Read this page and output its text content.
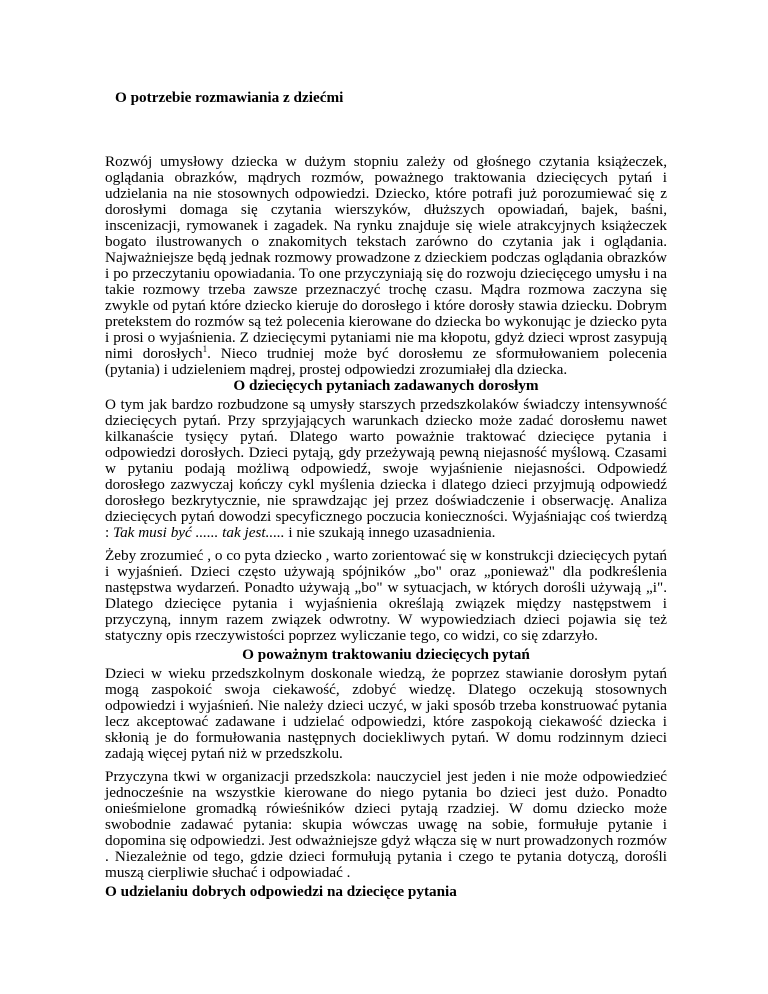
O potrzebie rozmawiania z dziećmi

Rozwój umysłowy dziecka w dużym stopniu zależy od głośnego czytania książeczek, oglądania obrazków, mądrych rozmów, poważnego traktowania dziecięcych pytań i udzielania na nie stosownych odpowiedzi. Dziecko, które potrafi już porozumiewać się z dorosłymi domaga się czytania wierszyków, dłuższych opowiadań, bajek, baśni, inscenizacji, rymowanek i zagadek. Na rynku znajduje się wiele atrakcyjnych książeczek bogato ilustrowanych o znakomitych tekstach zarówno do czytania jak i oglądania. Najważniejsze będą jednak rozmowy prowadzone z dzieckiem podczas oglądania obrazków i po przeczytaniu opowiadania. To one przyczyniają się do rozwoju dziecięcego umysłu i na takie rozmowy trzeba zawsze przeznaczyć trochę czasu. Mądra rozmowa zaczyna się zwykle od pytań które dziecko kieruje do dorosłego i które dorosły stawia dziecku. Dobrym pretekstem do rozmów są też polecenia kierowane do dziecka bo wykonując je dziecko pyta i prosi o wyjaśnienia. Z dziecięcymi pytaniami nie ma kłopotu, gdyż dzieci wprost zasypują nimi dorosłych$^1$. Nieco trudniej może być dorosłemu ze sformułowaniem polecenia (pytania) i udzieleniem mądrej, prostej odpowiedzi zrozumiałej dla dziecka.

O dziecięcych pytaniach zadawanych dorosłym

O tym jak bardzo rozbudzone są umysły starszych przedszkolaków świadczy intensywność dziecięcych pytań. Przy sprzyjających warunkach dziecko może zadać dorosłemu nawet kilkanaście tysięcy pytań. Dlatego warto poważnie traktować dziecięce pytania i odpowiedzi dorosłych. Dzieci pytają, gdy przeżywają pewną niejasność myślową. Czasami w pytaniu podają możliwą odpowiedź, swoje wyjaśnienie niejasności. Odpowiedź dorosłego zazwyczaj kończy cykl myślenia dziecka i dlatego dzieci przyjmują odpowiedź dorosłego bezkrytycznie, nie sprawdzając jej przez doświadczenie i obserwację. Analiza dziecięcych pytań dowodzi specyficznego poczucia konieczności. Wyjaśniając coś twierdzą : Tak musi być ...... tak jest..... i nie szukają innego uzasadnienia.

Żeby zrozumieć , o co pyta dziecko , warto zorientować się w konstrukcji dziecięcych pytań i wyjaśnień. Dzieci często używają spójników „bo" oraz „ponieważ" dla podkreślenia następstwa wydarzeń. Ponadto używają „bo" w sytuacjach, w których dorośli używają „i". Dlatego dziecięce pytania i wyjaśnienia określają związek między następstwem i przyczyną, innym razem związek odwrotny. W wypowiedziach dzieci pojawia się też statyczny opis rzeczywistości poprzez wyliczanie tego, co widzi, co się zdarzyło.

O poważnym traktowaniu dziecięcych pytań

Dzieci w wieku przedszkolnym doskonale wiedzą, że poprzez stawianie dorosłym pytań mogą zaspokoić swoja ciekawość, zdobyć wiedzę. Dlatego oczekują stosownych odpowiedzi i wyjaśnień. Nie należy dzieci uczyć, w jaki sposób trzeba konstruować pytania lecz akceptować zadawane i udzielać odpowiedzi, które zaspokoją ciekawość dziecka i skłonią je do formułowania następnych dociekliwych pytań. W domu rodzinnym dzieci zadają więcej pytań niż w przedszkolu.

Przyczyna tkwi w organizacji przedszkola: nauczyciel jest jeden i nie może odpowiedzieć jednocześnie na wszystkie kierowane do niego pytania bo dzieci jest dużo. Ponadto onieśmielone gromadką rówieśników dzieci pytają rzadziej. W domu dziecko może swobodnie zadawać pytania: skupia wówczas uwagę na sobie, formułuje pytanie i dopomina się odpowiedzi. Jest odważniejsze gdyż włącza się w nurt prowadzonych rozmów . Niezależnie od tego, gdzie dzieci formułują pytania i czego te pytania dotyczą, dorośli muszą cierpliwie słuchać i odpowiadać .

O udzielaniu dobrych odpowiedzi na dziecięce pytania
